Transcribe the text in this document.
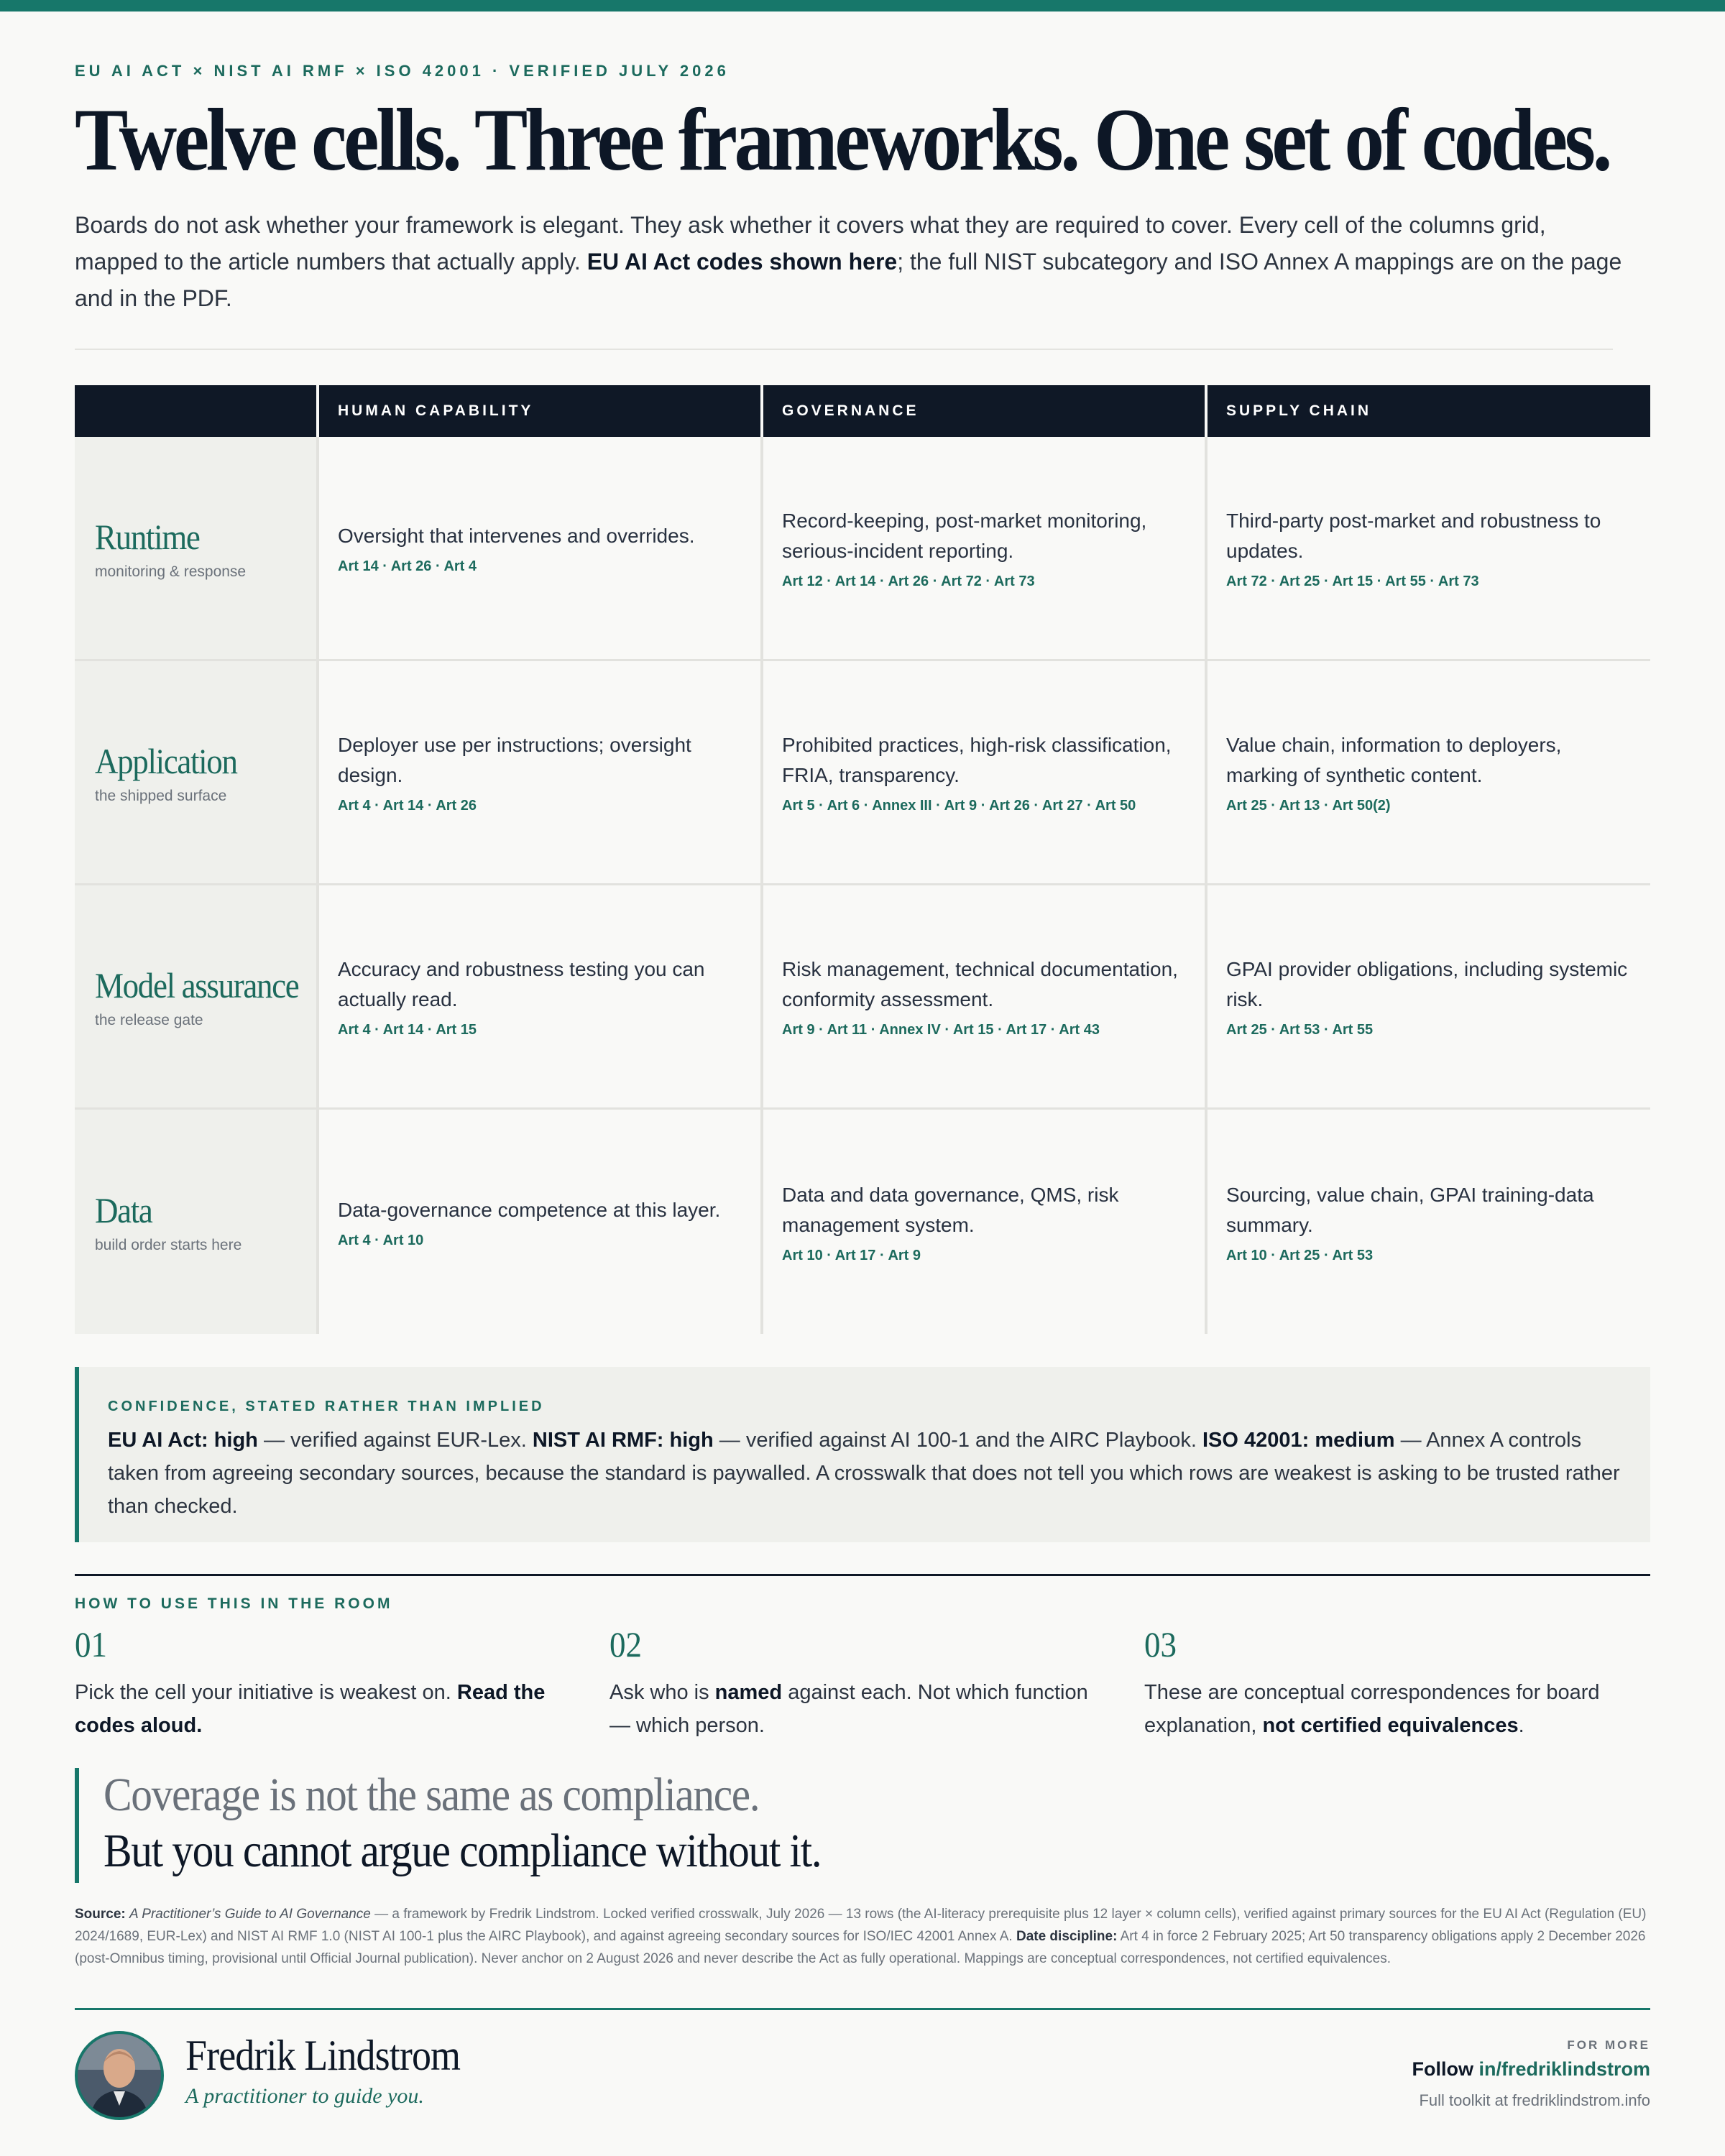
EU AI ACT × NIST AI RMF × ISO 42001 · VERIFIED JULY 2026
Twelve cells. Three frameworks. One set of codes.

Boards do not ask whether your framework is elegant. They ask whether it covers what they are required to cover. Every cell of the columns grid, mapped to the article numbers that actually apply. EU AI Act codes shown here; the full NIST subcategory and ISO Annex A mappings are on the page and in the PDF.

HUMAN CAPABILITY	GOVERNANCE	SUPPLY CHAIN
Runtime
monitoring & response
Oversight that intervenes and overrides.
Art 14 · Art 26 · Art 4
Record-keeping, post-market monitoring, serious-incident reporting.
Art 12 · Art 14 · Art 26 · Art 72 · Art 73
Third-party post-market and robustness to updates.
Art 72 · Art 25 · Art 15 · Art 55 · Art 73
Application
the shipped surface
Deployer use per instructions; oversight design.
Art 4 · Art 14 · Art 26
Prohibited practices, high-risk classification, FRIA, transparency.
Art 5 · Art 6 · Annex III · Art 9 · Art 26 · Art 27 · Art 50
Value chain, information to deployers, marking of synthetic content.
Art 25 · Art 13 · Art 50(2)
Model assurance
the release gate
Accuracy and robustness testing you can actually read.
Art 4 · Art 14 · Art 15
Risk management, technical documentation, conformity assessment.
Art 9 · Art 11 · Annex IV · Art 15 · Art 17 · Art 43
GPAI provider obligations, including systemic risk.
Art 25 · Art 53 · Art 55
Data
build order starts here
Data-governance competence at this layer.
Art 4 · Art 10
Data and data governance, QMS, risk management system.
Art 10 · Art 17 · Art 9
Sourcing, value chain, GPAI training-data summary.
Art 10 · Art 25 · Art 53
CONFIDENCE, STATED RATHER THAN IMPLIED

EU AI Act: high — verified against EUR-Lex. NIST AI RMF: high — verified against AI 100-1 and the AIRC Playbook. ISO 42001: medium — Annex A controls taken from agreeing secondary sources, because the standard is paywalled. A crosswalk that does not tell you which rows are weakest is asking to be trusted rather than checked.

HOW TO USE THIS IN THE ROOM
01

Pick the cell your initiative is weakest on. Read the codes aloud.

02

Ask who is named against each. Not which function — which person.

03

These are conceptual correspondences for board explanation, not certified equivalences.

Coverage is not the same as compliance.
But you cannot argue compliance without it.

Source: A Practitioner’s Guide to AI Governance — a framework by Fredrik Lindstrom. Locked verified crosswalk, July 2026 — 13 rows (the AI-literacy prerequisite plus 12 layer × column cells), verified against primary sources for the EU AI Act (Regulation (EU) 2024/1689, EUR-Lex) and NIST AI RMF 1.0 (NIST AI 100-1 plus the AIRC Playbook), and against agreeing secondary sources for ISO/IEC 42001 Annex A. Date discipline: Art 4 in force 2 February 2025; Art 50 transparency obligations apply 2 December 2026 (post-Omnibus timing, provisional until Official Journal publication). Never anchor on 2 August 2026 and never describe the Act as fully operational. Mappings are conceptual correspondences, not certified equivalences.

Fredrik Lindstrom
A practitioner to guide you.
FOR MORE
Follow in/fredriklindstrom
Full toolkit at fredriklindstrom.info
